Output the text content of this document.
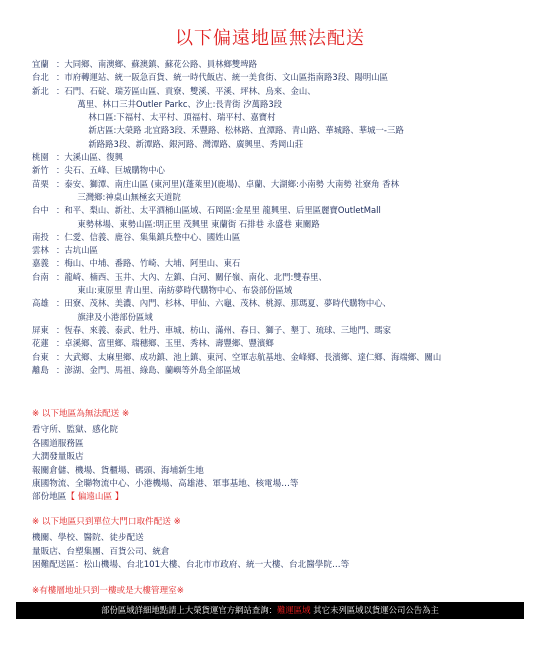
以下偏遠地區無法配送
宜蘭 ： 大同鄉、南澳鄉、蘇澳鎮、蘇花公路、員林鄉雙埤路
台北 ： 市府轉運站、統一阪急百貨、統一時代飯店、統一美食街、文山區指南路3段、陽明山區
新北 ： 石門、石碇、瑞芳區山區、貢寮、雙溪、平溪、坪林、烏來、金山、
萬里、林口三井Outler Parkc、汐止:長青街 汐萬路3段
林口區:下福村、太平村、頂福村、瑞平村、嘉寶村
新店區:大榮路 北宜路3段、禾豐路、松林路、直潭路、青山路、華城路、華城一-三路
新路路3段、新潭路、銀河路、灣潭路、廣興里、秀岡山莊
桃園 ： 大溪山區、復興
新竹 ： 尖石、五峰、巨城購物中心
苗栗 ： 泰安、獅潭、南庄山區 (東河里)(蓬萊里)(鹿場)、卓蘭、大湖鄉:小南勢 大南勢 社寮角 香林
三灣鄉:神桌山無極玄天道院
台中 ： 和平、梨山、新社、太平酒桶山區域、石岡區:金星里 龍興里、后里區麗寶OutletMall
東勢林場、東勢山區:明正里 茂興里 東蘭街 石排巷 永盛巷 東關路
南投 ： 仁愛、信義、鹿谷、集集鎮兵整中心、國姓山區
雲林 ： 古坑山區
嘉義 ： 梅山、中埔、番路、竹崎、大埔、阿里山、東石
台南 ： 龍崎、楠西、玉井、大內、左鎮、白河、關仔嶺、南化、北門:雙春里、
東山:東原里 青山里、南紡夢時代購物中心、布袋部份區域
高雄 ： 田寮、茂林、美濃、內門、杉林、甲仙、六龜、茂林、桃源、那瑪夏、夢時代購物中心、
旗津及小港部份區域
屏東 ： 恆春、來義、泰武、牡丹、車城、枋山、滿州、春日、獅子、墾丁、琉球、三地門、瑪家
花蓮 ： 卓溪鄉、富里鄉、瑞穗鄉、玉里、秀林、壽豐鄉、豐濱鄉
台東 ： 大武鄉、太麻里鄉、成功鎮、池上鎮、東河、空軍志航基地、金峰鄉、長濱鄉、達仁鄉、海端鄉、關山
離島 ： 澎湖、金門、馬祖、綠島、蘭嶼等外島全部區域
※ 以下地區為無法配送 ※
看守所、監獄、感化院
各國道服務區
大潤發量販店
報關倉儲、機場、貨櫃場、碼頭、海埔新生地
康國物流、全聯物流中心、小港機場、高雄港、軍事基地、核電場…等
部份地區【 偏遠山區 】
※ 以下地區只到單位大門口取件配送 ※
機關、學校、醫院、徒步配送
量販店、台塑集團、百貨公司、統倉
困難配送區：松山機場、台北101大樓、台北市市政府、統一大樓、台北醫學院…等
※有樓層地址只到一樓或是大樓管理室※
部份區域詳細地點請上大榮貨運官方網站查詢：難運區域 其它未列區域以貨運公司公告為主
